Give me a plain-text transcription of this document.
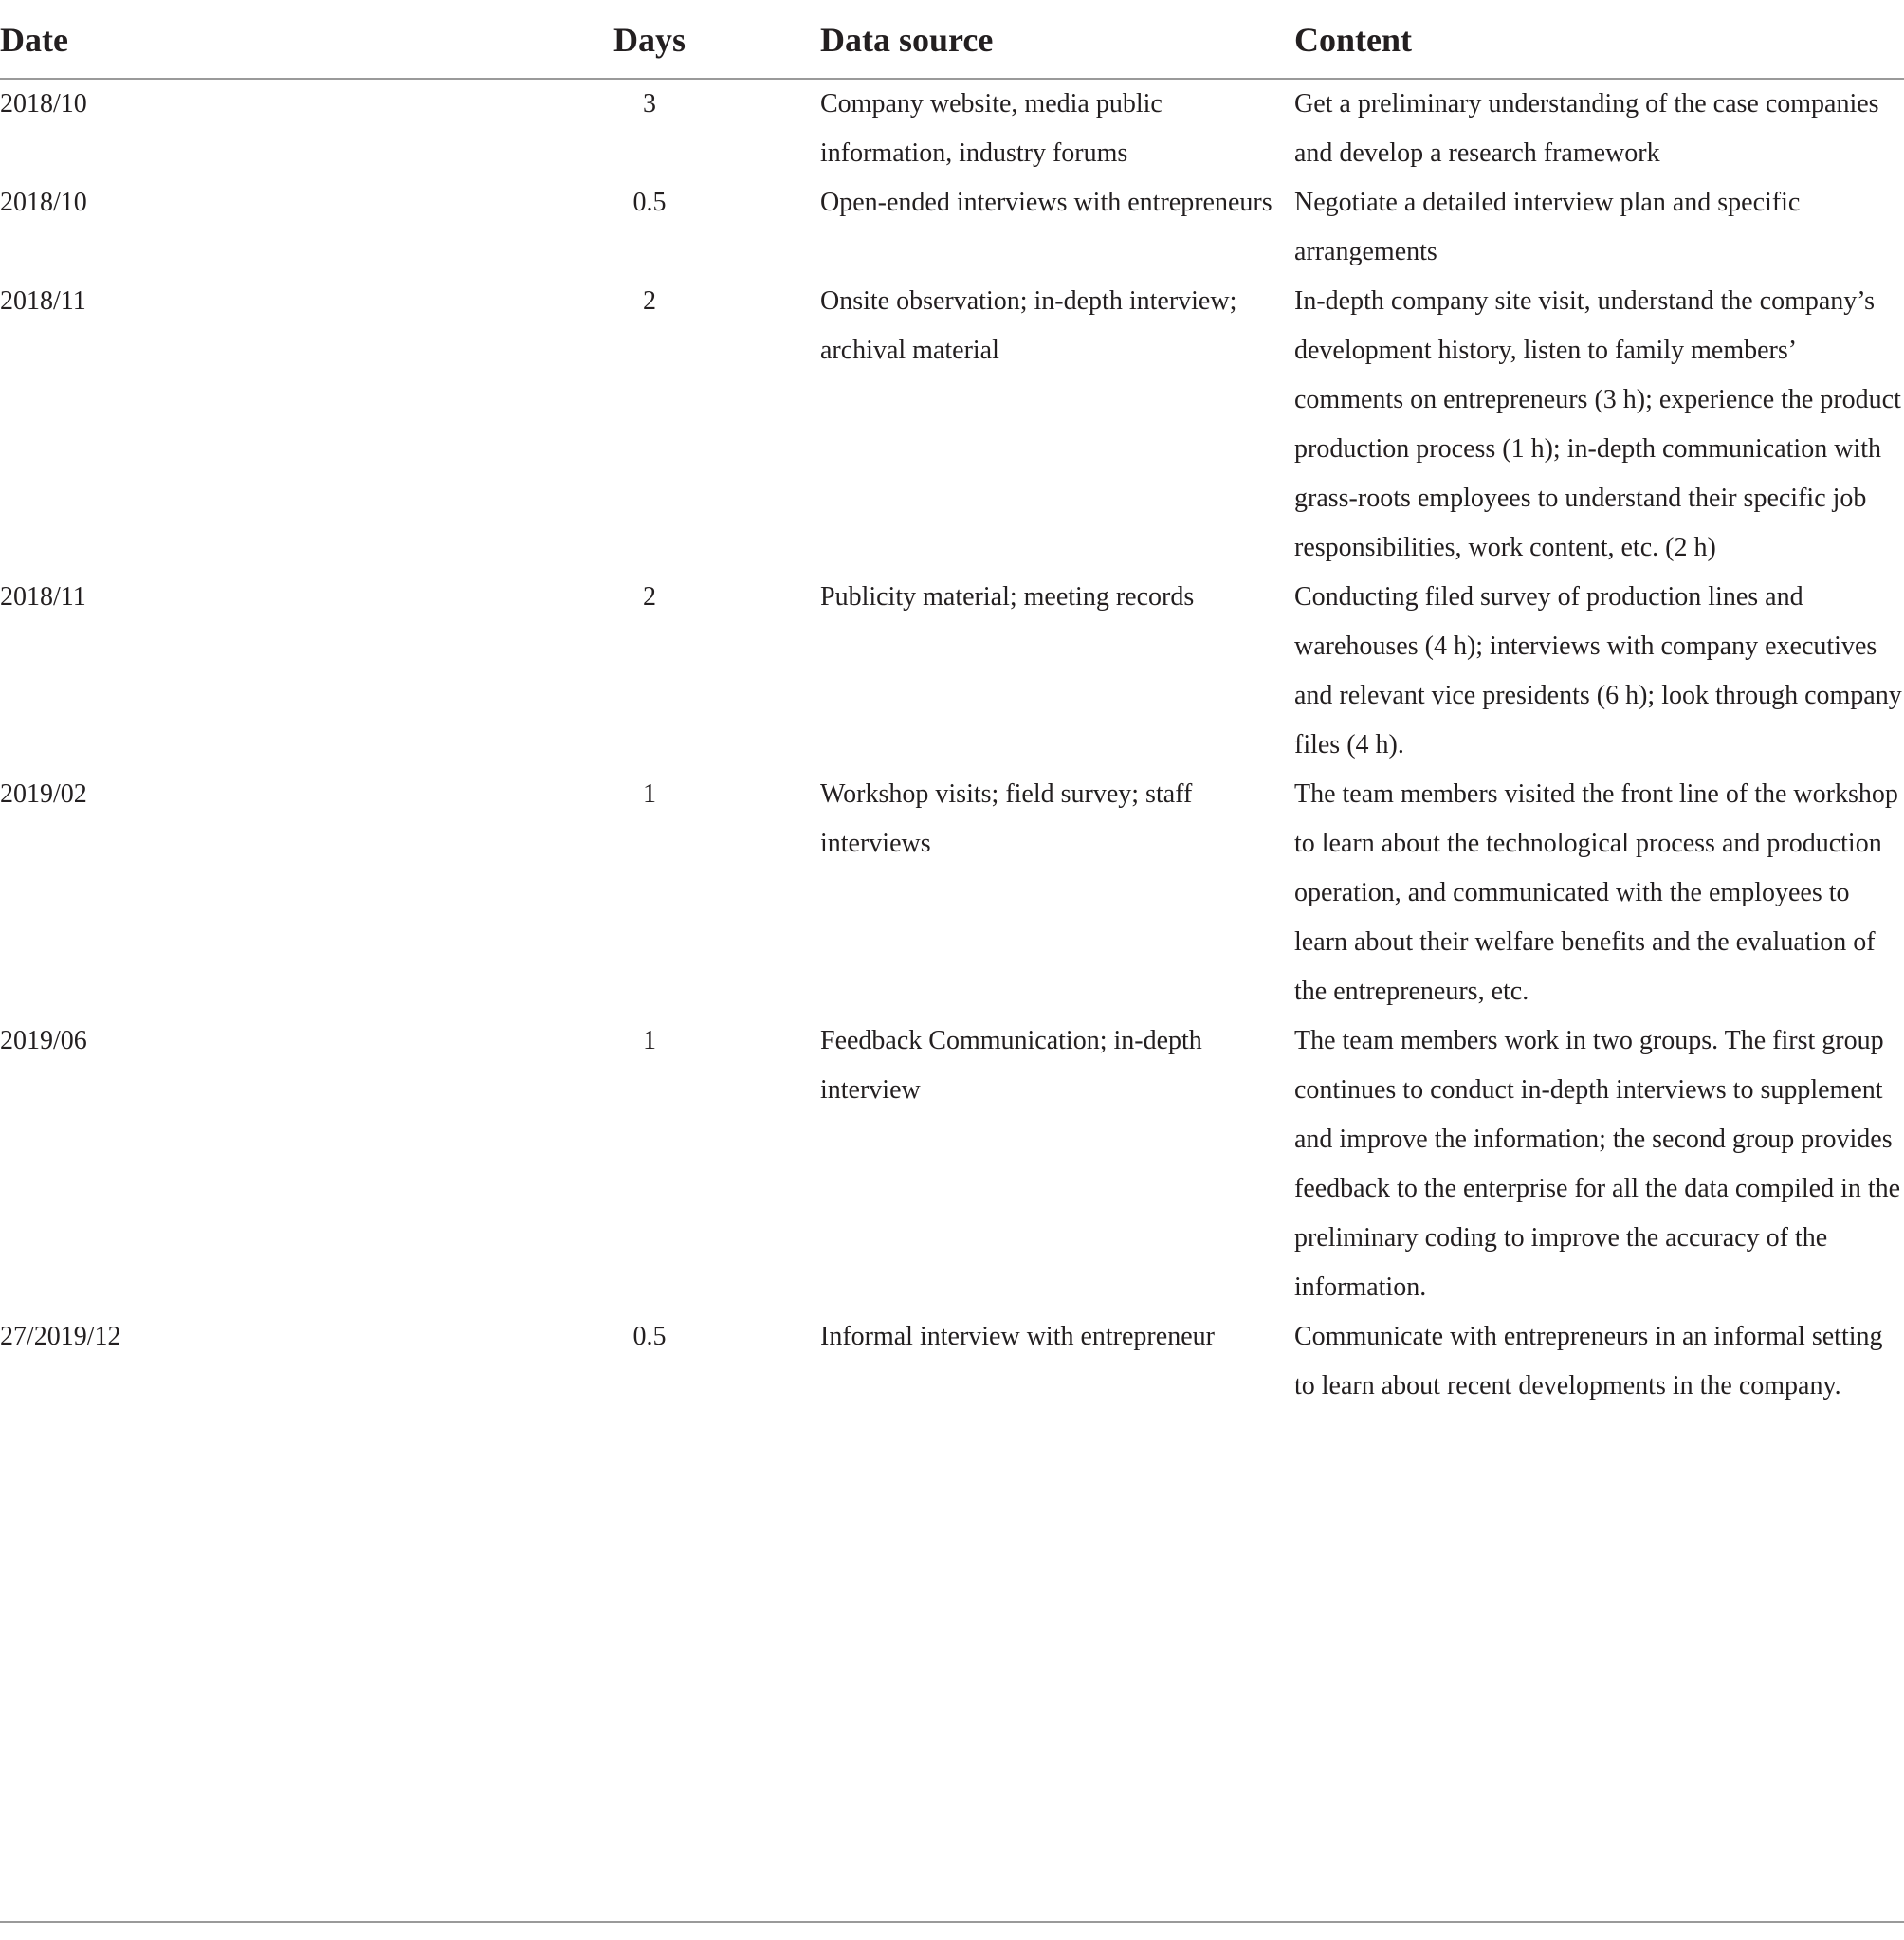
Date	Days	Data source	Content
2018/10	3	Company website, media public information, industry forums	Get a preliminary understanding of the case companies and develop a research framework
2018/10	0.5	Open-ended interviews with entrepreneurs	Negotiate a detailed interview plan and specific arrangements
2018/11	2	Onsite observation; in-depth interview; archival material	In-depth company site visit, understand the company’s development history, listen to family members’ comments on entrepreneurs (3 h); experience the product production process (1 h); in-depth communication with grass-roots employees to understand their specific job responsibilities, work content, etc. (2 h)
2018/11	2	Publicity material; meeting records	Conducting filed survey of production lines and warehouses (4 h); interviews with company executives and relevant vice presidents (6 h); look through company files (4 h).
2019/02	1	Workshop visits; field survey; staff interviews	The team members visited the front line of the workshop to learn about the technological process and production operation, and communicated with the employees to learn about their welfare benefits and the evaluation of the entrepreneurs, etc.
2019/06	1	Feedback Communication; in-depth interview	The team members work in two groups. The first group continues to conduct in-depth interviews to supplement and improve the information; the second group provides feedback to the enterprise for all the data compiled in the preliminary coding to improve the accuracy of the information.
27/2019/12	0.5	Informal interview with entrepreneur	Communicate with entrepreneurs in an informal setting to learn about recent developments in the company.
